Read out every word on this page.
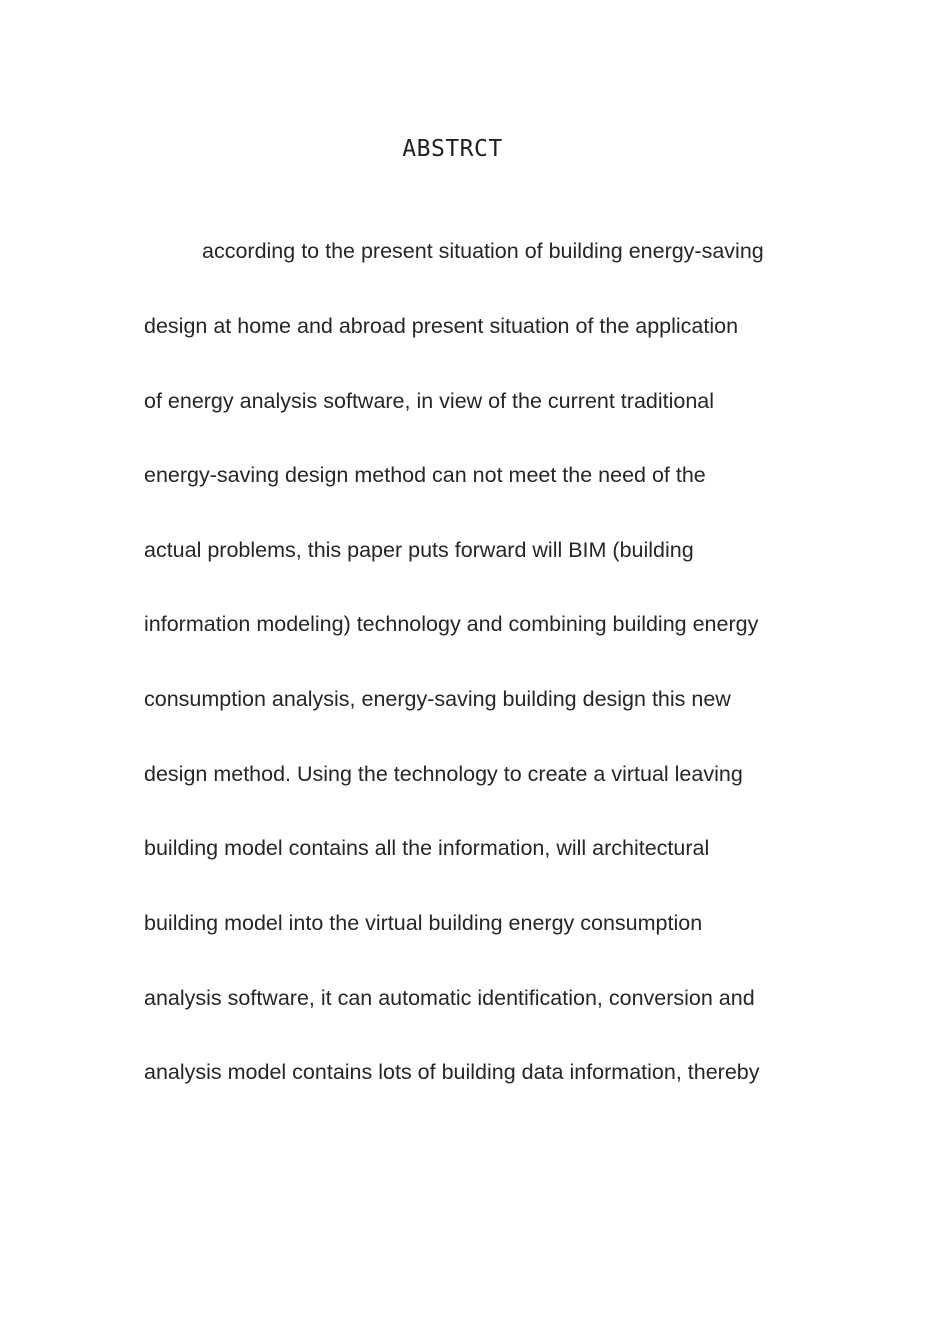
ABSTRCT
according to the present situation of building energy-saving
design at home and abroad present situation of the application
of energy analysis software, in view of the current traditional
energy-saving design method can not meet the need of the
actual problems, this paper puts forward will BIM (building
information modeling) technology and combining building energy
consumption analysis, energy-saving building design this new
design method. Using the technology to create a virtual leaving
building model contains all the information, will architectural
building model into the virtual building energy consumption
analysis software, it can automatic identification, conversion and
analysis model contains lots of building data information, thereby
